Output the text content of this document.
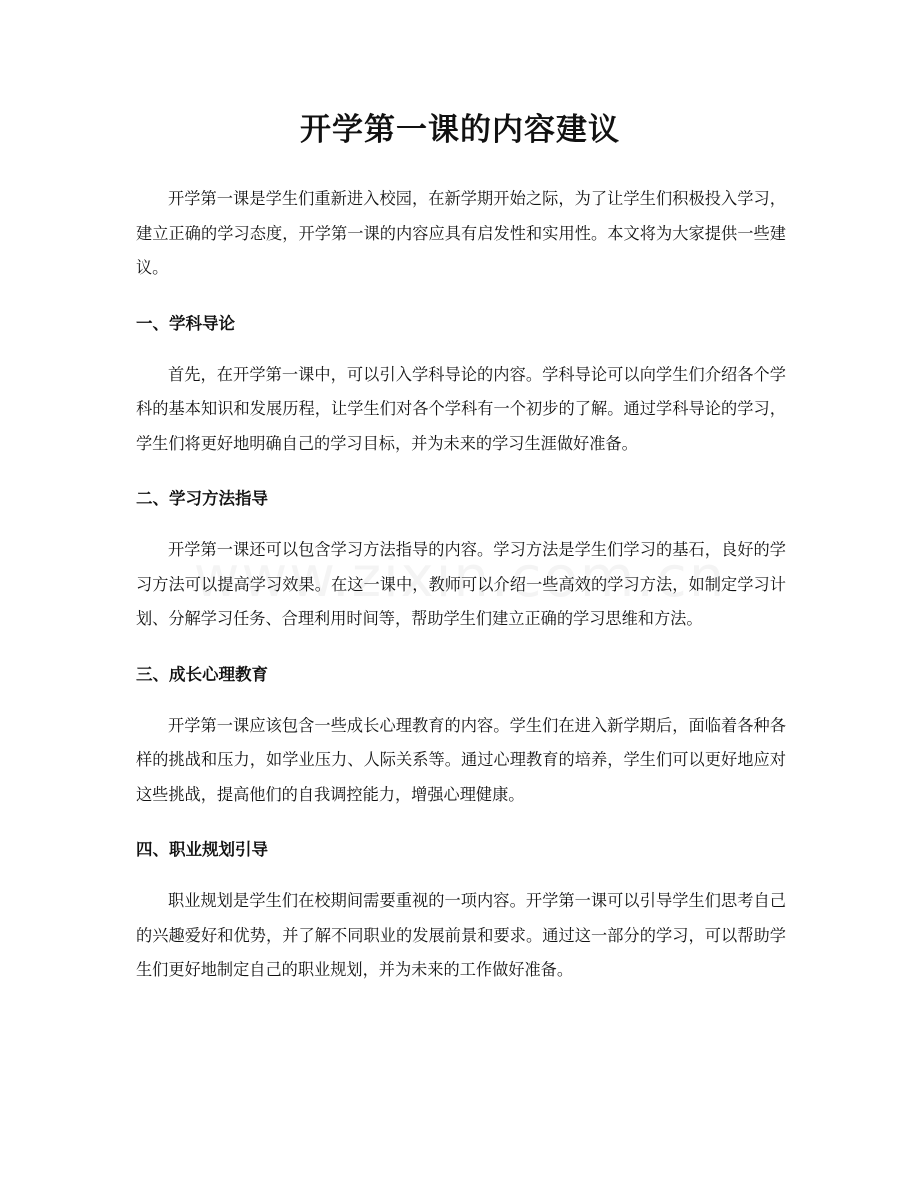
开学第一课的内容建议

开学第一课是学生们重新进入校园，在新学期开始之际，为了让学生们积极投入学习，建立正确的学习态度，开学第一课的内容应具有启发性和实用性。本文将为大家提供一些建议。

一、学科导论

首先，在开学第一课中，可以引入学科导论的内容。学科导论可以向学生们介绍各个学科的基本知识和发展历程，让学生们对各个学科有一个初步的了解。通过学科导论的学习，学生们将更好地明确自己的学习目标，并为未来的学习生涯做好准备。

二、学习方法指导

开学第一课还可以包含学习方法指导的内容。学习方法是学生们学习的基石，良好的学习方法可以提高学习效果。在这一课中，教师可以介绍一些高效的学习方法，如制定学习计划、分解学习任务、合理利用时间等，帮助学生们建立正确的学习思维和方法。

三、成长心理教育

开学第一课应该包含一些成长心理教育的内容。学生们在进入新学期后，面临着各种各样的挑战和压力，如学业压力、人际关系等。通过心理教育的培养，学生们可以更好地应对这些挑战，提高他们的自我调控能力，增强心理健康。

四、职业规划引导

职业规划是学生们在校期间需要重视的一项内容。开学第一课可以引导学生们思考自己的兴趣爱好和优势，并了解不同职业的发展前景和要求。通过这一部分的学习，可以帮助学生们更好地制定自己的职业规划，并为未来的工作做好准备。
